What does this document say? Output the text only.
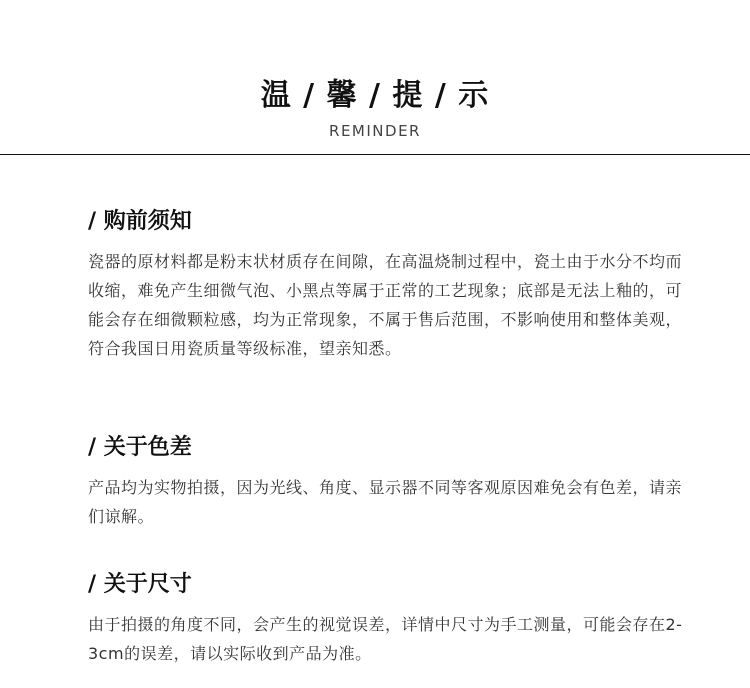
温 / 馨 / 提 / 示
REMINDER
/ 购前须知

瓷器的原材料都是粉末状材质存在间隙，在高温烧制过程中，瓷土由于水分不均而收缩，难免产生细微气泡、小黑点等属于正常的工艺现象；底部是无法上釉的，可能会存在细微颗粒感，均为正常现象，不属于售后范围，不影响使用和整体美观，符合我国日用瓷质量等级标准，望亲知悉。

/ 关于色差

产品均为实物拍摄，因为光线、角度、显示器不同等客观原因难免会有色差，请亲们谅解。

/ 关于尺寸

由于拍摄的角度不同，会产生的视觉误差，详情中尺寸为手工测量，可能会存在2-3cm的误差，请以实际收到产品为准。
